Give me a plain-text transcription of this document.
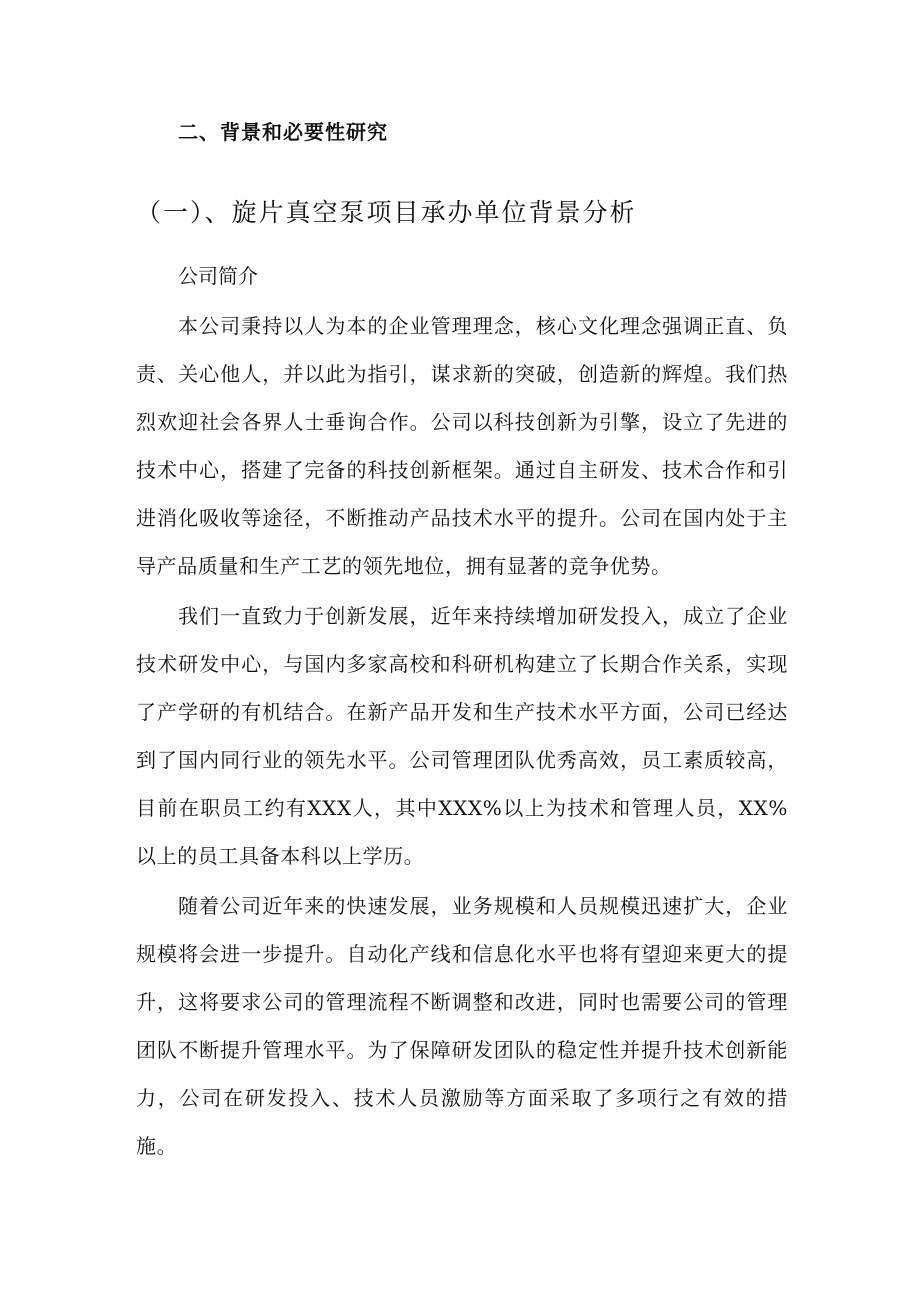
二、背景和必要性研究
（一）、旋片真空泵项目承办单位背景分析
公司简介

本公司秉持以人为本的企业管理理念，核心文化理念强调正直、负责、关心他人，并以此为指引，谋求新的突破，创造新的辉煌。我们热烈欢迎社会各界人士垂询合作。公司以科技创新为引擎，设立了先进的技术中心，搭建了完备的科技创新框架。通过自主研发、技术合作和引进消化吸收等途径，不断推动产品技术水平的提升。公司在国内处于主导产品质量和生产工艺的领先地位，拥有显著的竞争优势。

我们一直致力于创新发展，近年来持续增加研发投入，成立了企业技术研发中心，与国内多家高校和科研机构建立了长期合作关系，实现了产学研的有机结合。在新产品开发和生产技术水平方面，公司已经达到了国内同行业的领先水平。公司管理团队优秀高效，员工素质较高，目前在职员工约有XXX人，其中XXX%以上为技术和管理人员，XX%以上的员工具备本科以上学历。

随着公司近年来的快速发展，业务规模和人员规模迅速扩大，企业规模将会进一步提升。自动化产线和信息化水平也将有望迎来更大的提升，这将要求公司的管理流程不断调整和改进，同时也需要公司的管理团队不断提升管理水平。为了保障研发团队的稳定性并提升技术创新能力，公司在研发投入、技术人员激励等方面采取了多项行之有效的措施。
